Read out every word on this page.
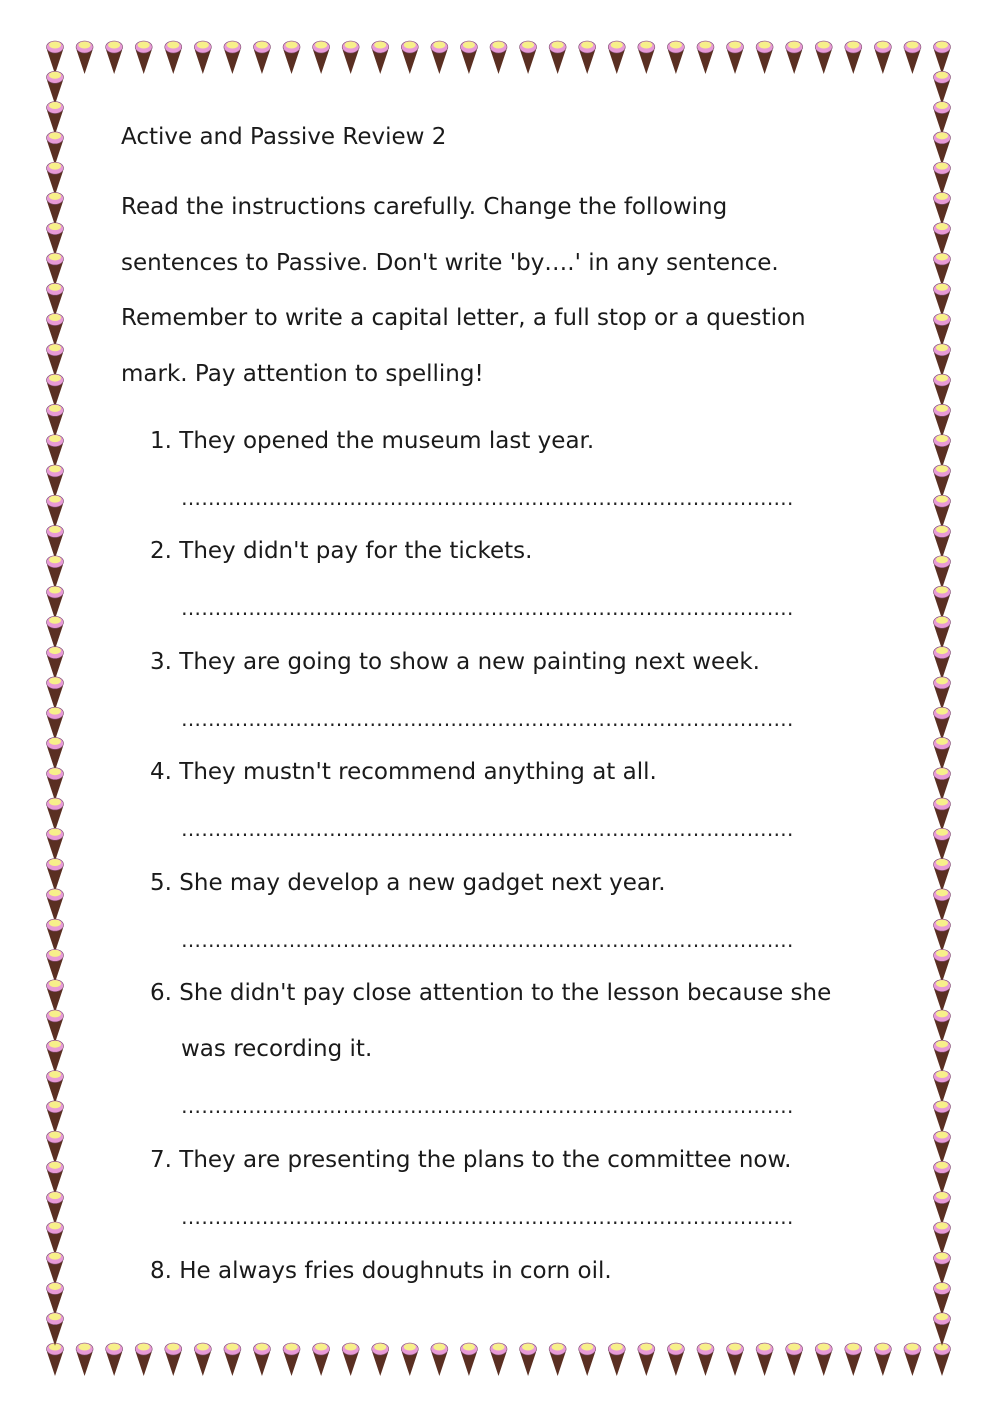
Active and Passive Review 2
Read the instructions carefully. Change the following
sentences to Passive. Don't write 'by….' in any sentence.
Remember to write a capital letter, a full stop or a question
mark. Pay attention to spelling!
1. They opened the museum last year.
……………………………………………………………………………….
2. They didn't pay for the tickets.
……………………………………………………………………………….
3. They are going to show a new painting next week.
……………………………………………………………………………….
4. They mustn't recommend anything at all.
……………………………………………………………………………….
5. She may develop a new gadget next year.
……………………………………………………………………………….
6. She didn't pay close attention to the lesson because she
was recording it.
……………………………………………………………………………….
7. They are presenting the plans to the committee now.
……………………………………………………………………………….
8. He always fries doughnuts in corn oil.
